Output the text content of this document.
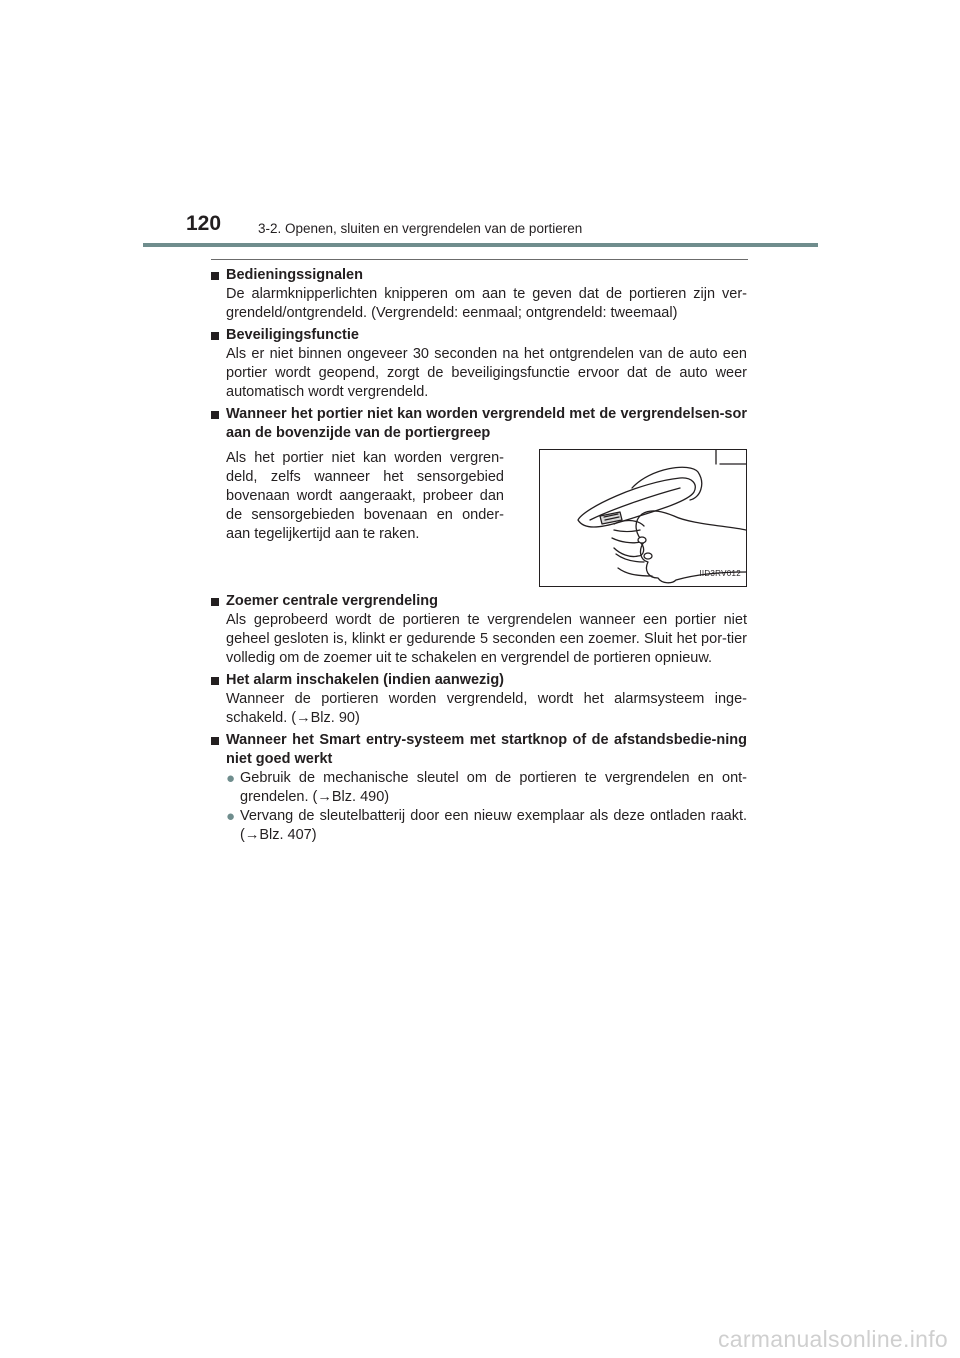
120	3-2. Openen, sluiten en vergrendelen van de portieren
Bedieningssignalen
De alarmknipperlichten knipperen om aan te geven dat de portieren zijn ver-grendeld/ontgrendeld. (Vergrendeld: eenmaal; ontgrendeld: tweemaal)
Beveiligingsfunctie
Als er niet binnen ongeveer 30 seconden na het ontgrendelen van de auto een portier wordt geopend, zorgt de beveiligingsfunctie ervoor dat de auto weer automatisch wordt vergrendeld.
Wanneer het portier niet kan worden vergrendeld met de vergrendelsen-sor aan de bovenzijde van de portiergreep
Als het portier niet kan worden vergren-deld, zelfs wanneer het sensorgebied bovenaan wordt aangeraakt, probeer dan de sensorgebieden bovenaan en onder-aan tegelijkertijd aan te raken.
IID3RV012
Zoemer centrale vergrendeling
Als geprobeerd wordt de portieren te vergrendelen wanneer een portier niet geheel gesloten is, klinkt er gedurende 5 seconden een zoemer. Sluit het por-tier volledig om de zoemer uit te schakelen en vergrendel de portieren opnieuw.
Het alarm inschakelen (indien aanwezig)
Wanneer de portieren worden vergrendeld, wordt het alarmsysteem inge-schakeld. (→Blz. 90)
Wanneer het Smart entry-systeem met startknop of de afstandsbedie-ning niet goed werkt
● Gebruik de mechanische sleutel om de portieren te vergrendelen en ont-grendelen. (→Blz. 490)
● Vervang de sleutelbatterij door een nieuw exemplaar als deze ontladen raakt. (→Blz. 407)
carmanualsonline.info
